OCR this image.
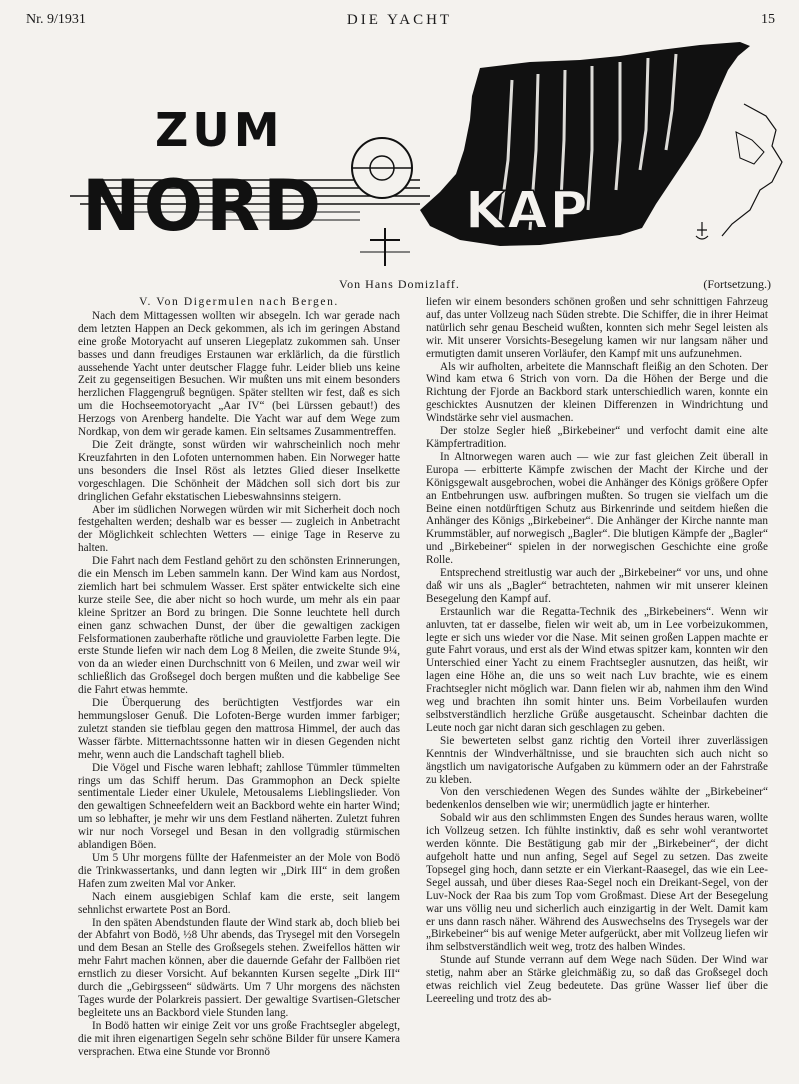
Nr. 9/1931	DIE YACHT	15
ZUM
NORD	KAP
Von Hans Domizlaff.	(Fortsetzung.)
V. Von Digermulen nach Bergen.

Nach dem Mittagessen wollten wir absegeln. Ich war gerade nach dem letzten Happen an Deck gekommen, als ich im geringen Abstand eine große Motoryacht auf unseren Liegeplatz zukommen sah. Unser basses und dann freudiges Erstaunen war erklärlich, da die fürstlich aussehende Yacht unter deutscher Flagge fuhr. Leider blieb uns keine Zeit zu gegenseitigen Besuchen. Wir mußten uns mit einem besonders herzlichen Flaggengruß begnügen. Später stellten wir fest, daß es sich um die Hochseemotoryacht „Aar IV“ (bei Lürssen gebaut!) des Herzogs von Arenberg handelte. Die Yacht war auf dem Wege zum Nordkap, von dem wir gerade kamen. Ein seltsames Zusammentreffen.

Die Zeit drängte, sonst würden wir wahrscheinlich noch mehr Kreuzfahrten in den Lofoten unternommen haben. Ein Norweger hatte uns besonders die Insel Röst als letztes Glied dieser Inselkette vorgeschlagen. Die Schönheit der Mädchen soll sich dort bis zur dringlichen Gefahr ekstatischen Liebeswahnsinns steigern.

Aber im südlichen Norwegen würden wir mit Sicherheit doch noch festgehalten werden; deshalb war es besser — zugleich in Anbetracht der Möglichkeit schlechten Wetters — einige Tage in Reserve zu halten.

Die Fahrt nach dem Festland gehört zu den schönsten Erinnerungen, die ein Mensch im Leben sammeln kann. Der Wind kam aus Nordost, ziemlich hart bei schmulem Wasser. Erst später entwickelte sich eine kurze steile See, die aber nicht so hoch wurde, um mehr als ein paar kleine Spritzer an Bord zu bringen. Die Sonne leuchtete hell durch einen ganz schwachen Dunst, der über die gewaltigen zackigen Felsformationen zauberhafte rötliche und grauviolette Farben legte. Die erste Stunde liefen wir nach dem Log 8 Meilen, die zweite Stunde 9¼, von da an wieder einen Durchschnitt von 6 Meilen, und zwar weil wir schließlich das Großsegel doch bergen mußten und die kabbelige See die Fahrt etwas hemmte.

Die Überquerung des berüchtigten Vestfjordes war ein hemmungsloser Genuß. Die Lofoten-Berge wurden immer farbiger; zuletzt standen sie tiefblau gegen den mattrosa Himmel, der auch das Wasser färbte. Mitternachtssonne hatten wir in diesen Gegenden nicht mehr, wenn auch die Landschaft taghell blieb.

Die Vögel und Fische waren lebhaft; zahllose Tümmler tümmelten rings um das Schiff herum. Das Grammophon an Deck spielte sentimentale Lieder einer Ukulele, Metousalems Lieblingslieder. Von den gewaltigen Schneefeldern weit an Backbord wehte ein harter Wind; um so lebhafter, je mehr wir uns dem Festland näherten. Zuletzt fuhren wir nur noch Vorsegel und Besan in den vollgradig stürmischen ablandigen Böen.

Um 5 Uhr morgens füllte der Hafenmeister an der Mole von Bodö die Trinkwassertanks, und dann legten wir „Dirk III“ in dem großen Hafen zum zweiten Mal vor Anker.

Nach einem ausgiebigen Schlaf kam die erste, seit langem sehnlichst erwartete Post an Bord.

In den späten Abendstunden flaute der Wind stark ab, doch blieb bei der Abfahrt von Bodö, ½8 Uhr abends, das Trysegel mit den Vorsegeln und dem Besan an Stelle des Großsegels stehen. Zweifellos hätten wir mehr Fahrt machen können, aber die dauernde Gefahr der Fallböen riet ernstlich zu dieser Vorsicht. Auf bekannten Kursen segelte „Dirk III“ durch die „Gebirgsseen“ südwärts. Um 7 Uhr morgens des nächsten Tages wurde der Polarkreis passiert. Der gewaltige Svartisen-Gletscher begleitete uns an Backbord viele Stunden lang.

In Bodö hatten wir einige Zeit vor uns große Frachtsegler abgelegt, die mit ihren eigenartigen Segeln sehr schöne Bilder für unsere Kamera versprachen. Etwa eine Stunde vor Bronnö

liefen wir einem besonders schönen großen und sehr schnittigen Fahrzeug auf, das unter Vollzeug nach Süden strebte. Die Schiffer, die in ihrer Heimat natürlich sehr genau Bescheid wußten, konnten sich mehr Segel leisten als wir. Mit unserer Vorsichts-Besegelung kamen wir nur langsam näher und ermutigten damit unseren Vorläufer, den Kampf mit uns aufzunehmen.

Als wir aufholten, arbeitete die Mannschaft fleißig an den Schoten. Der Wind kam etwa 6 Strich von vorn. Da die Höhen der Berge und die Richtung der Fjorde an Backbord stark unterschiedlich waren, konnte ein geschicktes Ausnutzen der kleinen Differenzen in Windrichtung und Windstärke sehr viel ausmachen.

Der stolze Segler hieß „Birkebeiner“ und verfocht damit eine alte Kämpfertradition.

In Altnorwegen waren auch — wie zur fast gleichen Zeit überall in Europa — erbitterte Kämpfe zwischen der Macht der Kirche und der Königsgewalt ausgebrochen, wobei die Anhänger des Königs größere Opfer an Entbehrungen usw. aufbringen mußten. So trugen sie vielfach um die Beine einen notdürftigen Schutz aus Birkenrinde und seitdem hießen die Anhänger des Königs „Birkebeiner“. Die Anhänger der Kirche nannte man Krummstäbler, auf norwegisch „Bagler“. Die blutigen Kämpfe der „Bagler“ und „Birkebeiner“ spielen in der norwegischen Geschichte eine große Rolle.

Entsprechend streitlustig war auch der „Birkebeiner“ vor uns, und ohne daß wir uns als „Bagler“ betrachteten, nahmen wir mit unserer kleinen Besegelung den Kampf auf.

Erstaunlich war die Regatta-Technik des „Birkebeiners“. Wenn wir anluvten, tat er dasselbe, fielen wir weit ab, um in Lee vorbeizukommen, legte er sich uns wieder vor die Nase. Mit seinen großen Lappen machte er gute Fahrt voraus, und erst als der Wind etwas spitzer kam, konnten wir den Unterschied einer Yacht zu einem Frachtsegler ausnutzen, das heißt, wir lagen eine Höhe an, die uns so weit nach Luv brachte, wie es einem Frachtsegler nicht möglich war. Dann fielen wir ab, nahmen ihm den Wind weg und brachten ihn somit hinter uns. Beim Vorbeilaufen wurden selbstverständlich herzliche Grüße ausgetauscht. Scheinbar dachten die Leute noch gar nicht daran sich geschlagen zu geben.

Sie bewerteten selbst ganz richtig den Vorteil ihrer zuverlässigen Kenntnis der Windverhältnisse, und sie brauchten sich auch nicht so ängstlich um navigatorische Aufgaben zu kümmern oder an der Fahrstraße zu kleben.

Von den verschiedenen Wegen des Sundes wählte der „Birkebeiner“ bedenkenlos denselben wie wir; unermüdlich jagte er hinterher.

Sobald wir aus den schlimmsten Engen des Sundes heraus waren, wollte ich Vollzeug setzen. Ich fühlte instinktiv, daß es sehr wohl verantwortet werden könnte. Die Bestätigung gab mir der „Birkebeiner“, der dicht aufgeholt hatte und nun anfing, Segel auf Segel zu setzen. Das zweite Topsegel ging hoch, dann setzte er ein Vierkant-Raasegel, das wie ein Lee-Segel aussah, und über dieses Raa-Segel noch ein Dreikant-Segel, von der Luv-Nock der Raa bis zum Top vom Großmast. Diese Art der Besegelung war uns völlig neu und sicherlich auch einzigartig in der Welt. Damit kam er uns dann rasch näher. Während des Auswechselns des Trysegels war der „Birkebeiner“ bis auf wenige Meter aufgerückt, aber mit Vollzeug liefen wir ihm selbstverständlich weit weg, trotz des halben Windes.

Stunde auf Stunde verrann auf dem Wege nach Süden. Der Wind war stetig, nahm aber an Stärke gleichmäßig zu, so daß das Großsegel doch etwas reichlich viel Zeug bedeutete. Das grüne Wasser lief über die Leereeling und trotz des ab-
